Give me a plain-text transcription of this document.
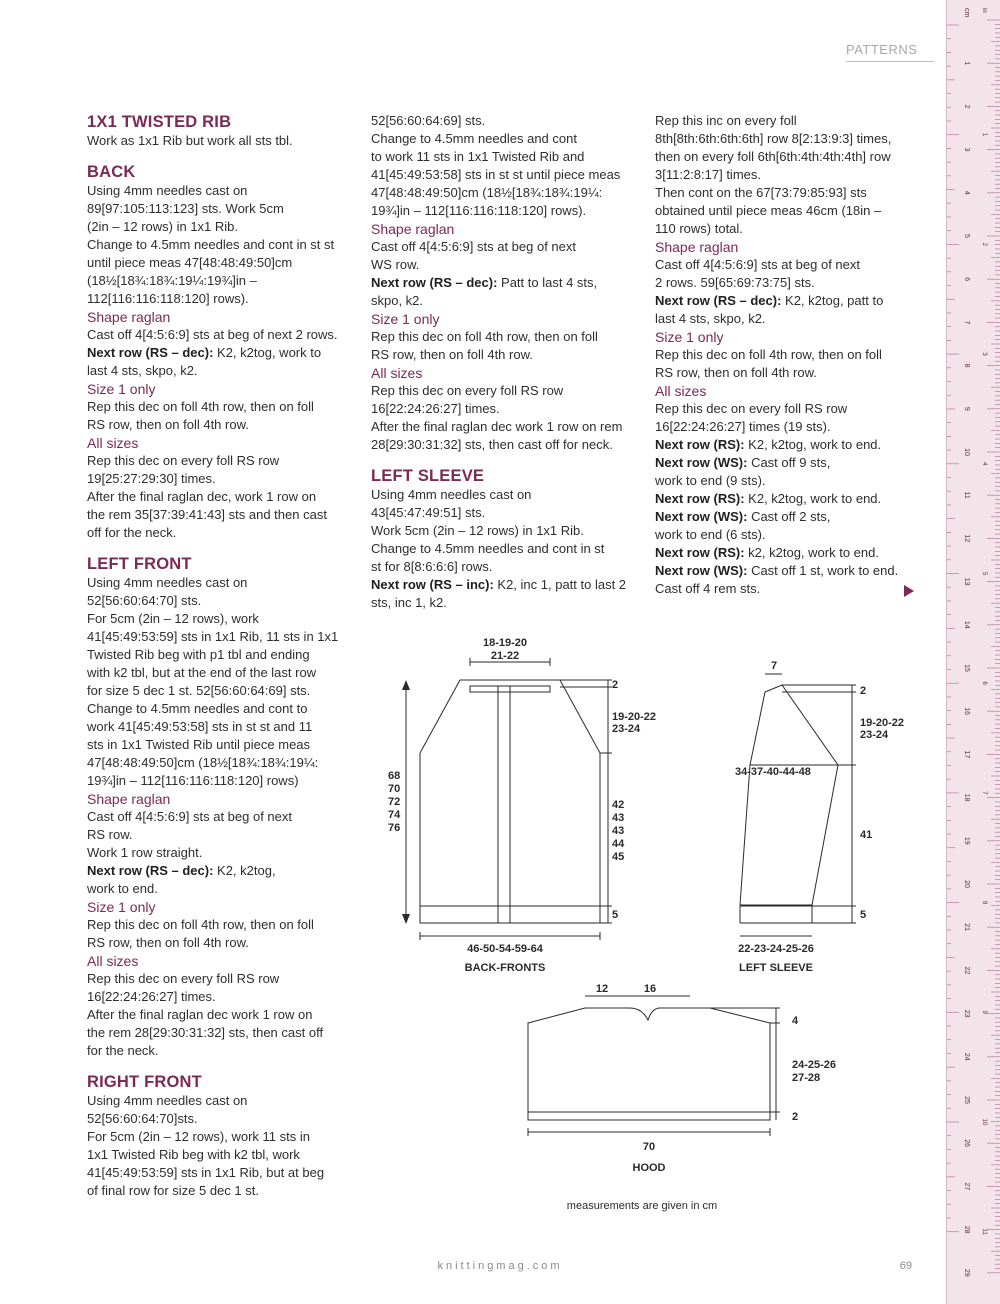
PATTERNS
1X1 TWISTED RIB
Work as 1x1 Rib but work all sts tbl.
BACK
Using 4mm needles cast on
89[97:105:113:123] sts. Work 5cm
(2in – 12 rows) in 1x1 Rib.
Change to 4.5mm needles and cont in st st
until piece meas 47[48:48:49:50]cm
(18½[18¾:18¾:19¼:19¾]in –
112[116:116:118:120] rows).
Shape raglan
Cast off 4[4:5:6:9] sts at beg of next 2 rows.
Next row (RS – dec): K2, k2tog, work to
last 4 sts, skpo, k2.
Size 1 only
Rep this dec on foll 4th row, then on foll
RS row, then on foll 4th row.
All sizes
Rep this dec on every foll RS row
19[25:27:29:30] times.
After the final raglan dec, work 1 row on
the rem 35[37:39:41:43] sts and then cast
off for the neck.
LEFT FRONT
Using 4mm needles cast on
52[56:60:64:70] sts.
For 5cm (2in – 12 rows), work
41[45:49:53:59] sts in 1x1 Rib, 11 sts in 1x1
Twisted Rib beg with p1 tbl and ending
with k2 tbl, but at the end of the last row
for size 5 dec 1 st. 52[56:60:64:69] sts.
Change to 4.5mm needles and cont to
work 41[45:49:53:58] sts in st st and 11
sts in 1x1 Twisted Rib until piece meas
47[48:48:49:50]cm (18½[18¾:18¾:19¼:
19¾]in – 112[116:116:118:120] rows)
Shape raglan
Cast off 4[4:5:6:9] sts at beg of next
RS row.
Work 1 row straight.
Next row (RS – dec): K2, k2tog,
work to end.
Size 1 only
Rep this dec on foll 4th row, then on foll
RS row, then on foll 4th row.
All sizes
Rep this dec on every foll RS row
16[22:24:26:27] times.
After the final raglan dec work 1 row on
the rem 28[29:30:31:32] sts, then cast off
for the neck.
RIGHT FRONT
Using 4mm needles cast on
52[56:60:64:70]sts.
For 5cm (2in – 12 rows), work 11 sts in
1x1 Twisted Rib beg with k2 tbl, work
41[45:49:53:59] sts in 1x1 Rib, but at beg
of final row for size 5 dec 1 st.
52[56:60:64:69] sts.
Change to 4.5mm needles and cont
to work 11 sts in 1x1 Twisted Rib and
41[45:49:53:58] sts in st st until piece meas
47[48:48:49:50]cm (18½[18¾:18¾:19¼:
19¾]in – 112[116:116:118:120] rows).
Shape raglan
Cast off 4[4:5:6:9] sts at beg of next
WS row.
Next row (RS – dec): Patt to last 4 sts,
skpo, k2.
Size 1 only
Rep this dec on foll 4th row, then on foll
RS row, then on foll 4th row.
All sizes
Rep this dec on every foll RS row
16[22:24:26:27] times.
After the final raglan dec work 1 row on rem
28[29:30:31:32] sts, then cast off for neck.
LEFT SLEEVE
Using 4mm needles cast on
43[45:47:49:51] sts.
Work 5cm (2in – 12 rows) in 1x1 Rib.
Change to 4.5mm needles and cont in st
st for 8[8:6:6:6] rows.
Next row (RS – inc): K2, inc 1, patt to last 2
sts, inc 1, k2.
Rep this inc on every foll
8th[8th:6th:6th:6th] row 8[2:13:9:3] times,
then on every foll 6th[6th:4th:4th:4th] row
3[11:2:8:17] times.
Then cont on the 67[73:79:85:93] sts
obtained until piece meas 46cm (18in –
110 rows) total.
Shape raglan
Cast off 4[4:5:6:9] sts at beg of next
2 rows. 59[65:69:73:75] sts.
Next row (RS – dec): K2, k2tog, patt to
last 4 sts, skpo, k2.
Size 1 only
Rep this dec on foll 4th row, then on foll
RS row, then on foll 4th row.
All sizes
Rep this dec on every foll RS row
16[22:24:26:27] times (19 sts).
Next row (RS): K2, k2tog, work to end.
Next row (WS): Cast off 9 sts,
work to end (9 sts).
Next row (RS): K2, k2tog, work to end.
Next row (WS): Cast off 2 sts,
work to end (6 sts).
Next row (RS): k2, k2tog, work to end.
Next row (WS): Cast off 1 st, work to end.
Cast off 4 rem sts.
18-19-20
21-22
2
19-20-22
23-24
68
70
72
74
76
42
43
43
44
45
5
46-50-54-59-64
BACK-FRONTS
7
2
19-20-22
23-24
34-37-40-44-48
41
5
22-23-24-25-26
LEFT SLEEVE
12	16
4
24-25-26
27-28
2
70
HOOD
measurements are given in cm
cm
1
2
3
4
5
6
7
8
9
10
11
12
13
14
15
16
17
18
19
20
21
22
23
24
25
26
27
28
29
1
2
3
4
5
6
7
8
9
10
11
in
knittingmag.com	69
